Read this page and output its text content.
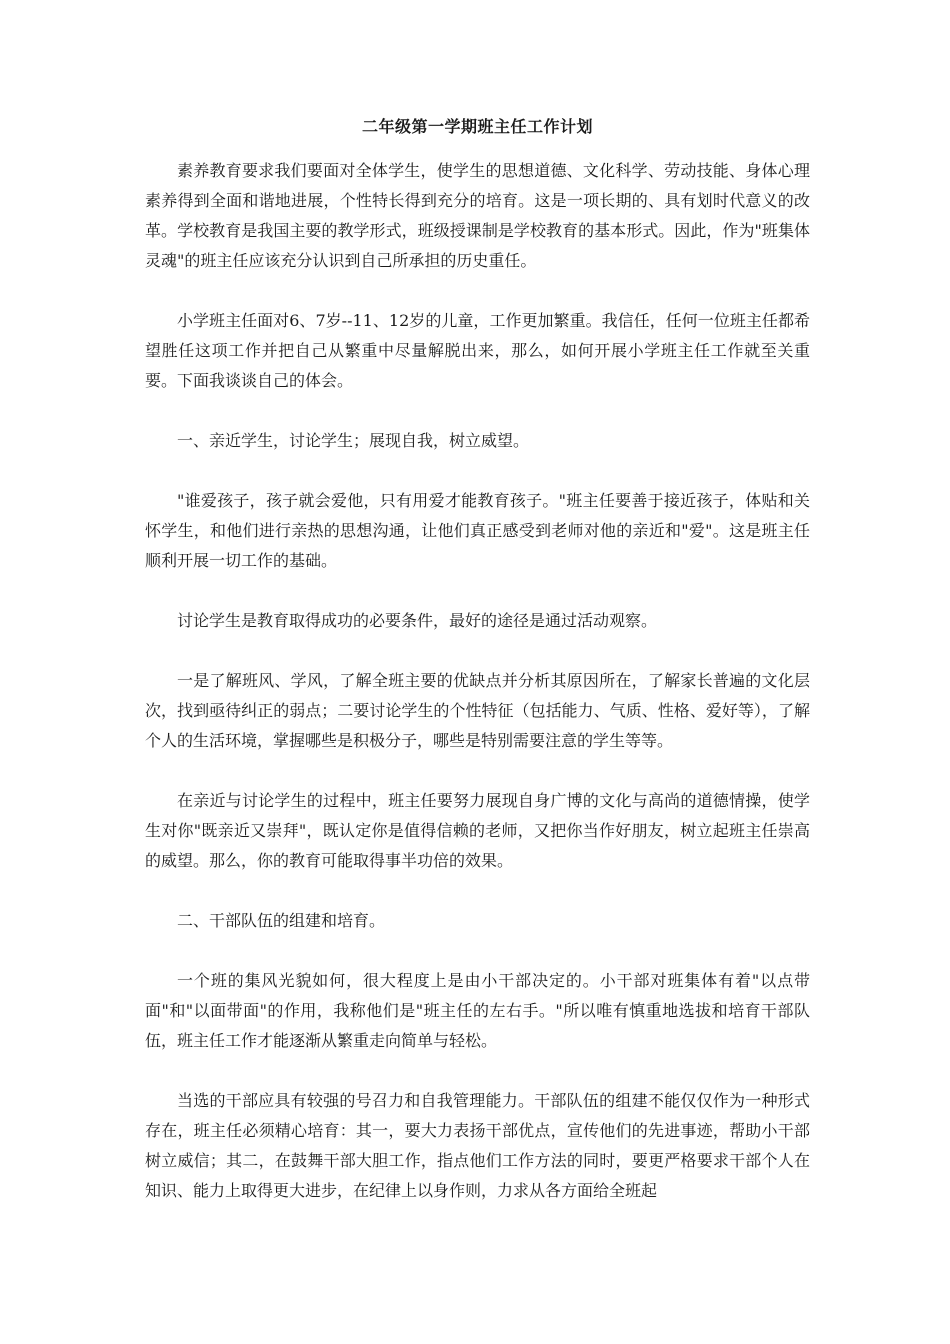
二年级第一学期班主任工作计划

素养教育要求我们要面对全体学生，使学生的思想道德、文化科学、劳动技能、身体心理素养得到全面和谐地进展，个性特长得到充分的培育。这是一项长期的、具有划时代意义的改革。学校教育是我国主要的教学形式，班级授课制是学校教育的基本形式。因此，作为"班集体灵魂"的班主任应该充分认识到自己所承担的历史重任。

小学班主任面对6、7岁--11、12岁的儿童，工作更加繁重。我信任，任何一位班主任都希望胜任这项工作并把自己从繁重中尽量解脱出来，那么，如何开展小学班主任工作就至关重要。下面我谈谈自己的体会。

一、亲近学生，讨论学生；展现自我，树立威望。

"谁爱孩子，孩子就会爱他，只有用爱才能教育孩子。"班主任要善于接近孩子，体贴和关怀学生，和他们进行亲热的思想沟通，让他们真正感受到老师对他的亲近和"爱"。这是班主任顺利开展一切工作的基础。

讨论学生是教育取得成功的必要条件，最好的途径是通过活动观察。

一是了解班风、学风，了解全班主要的优缺点并分析其原因所在，了解家长普遍的文化层次，找到亟待纠正的弱点；二要讨论学生的个性特征（包括能力、气质、性格、爱好等），了解个人的生活环境，掌握哪些是积极分子，哪些是特别需要注意的学生等等。

在亲近与讨论学生的过程中，班主任要努力展现自身广博的文化与高尚的道德情操，使学生对你"既亲近又崇拜"，既认定你是值得信赖的老师，又把你当作好朋友，树立起班主任崇高的威望。那么，你的教育可能取得事半功倍的效果。

二、干部队伍的组建和培育。

一个班的集风光貌如何，很大程度上是由小干部决定的。小干部对班集体有着"以点带面"和"以面带面"的作用，我称他们是"班主任的左右手。"所以唯有慎重地选拔和培育干部队伍，班主任工作才能逐渐从繁重走向简单与轻松。

当选的干部应具有较强的号召力和自我管理能力。干部队伍的组建不能仅仅作为一种形式存在，班主任必须精心培育：其一，要大力表扬干部优点，宣传他们的先进事迹，帮助小干部树立威信；其二，在鼓舞干部大胆工作，指点他们工作方法的同时，要更严格要求干部个人在知识、能力上取得更大进步，在纪律上以身作则，力求从各方面给全班起
